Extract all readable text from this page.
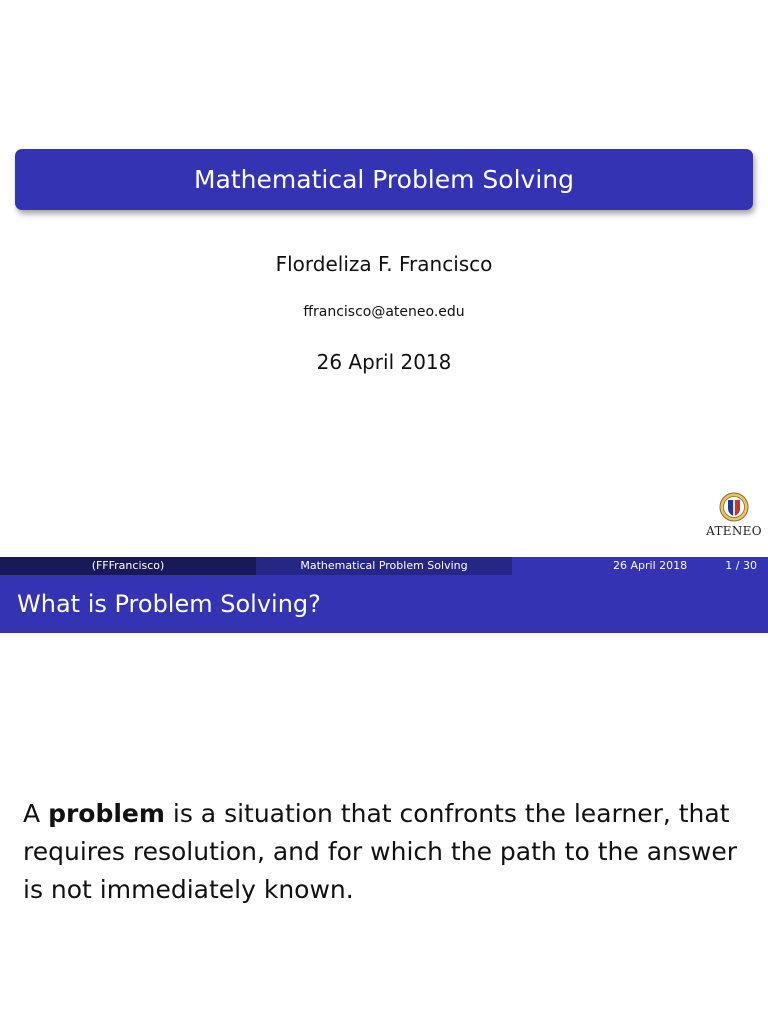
Mathematical Problem Solving
Flordeliza F. Francisco
ffrancisco@ateneo.edu
26 April 2018
ATENEO
(FFFrancisco)	Mathematical Problem Solving	26 April 2018	1 / 30
What is Problem Solving?
A problem is a situation that confronts the learner, that requires resolution, and for which the path to the answer is not immediately known.
